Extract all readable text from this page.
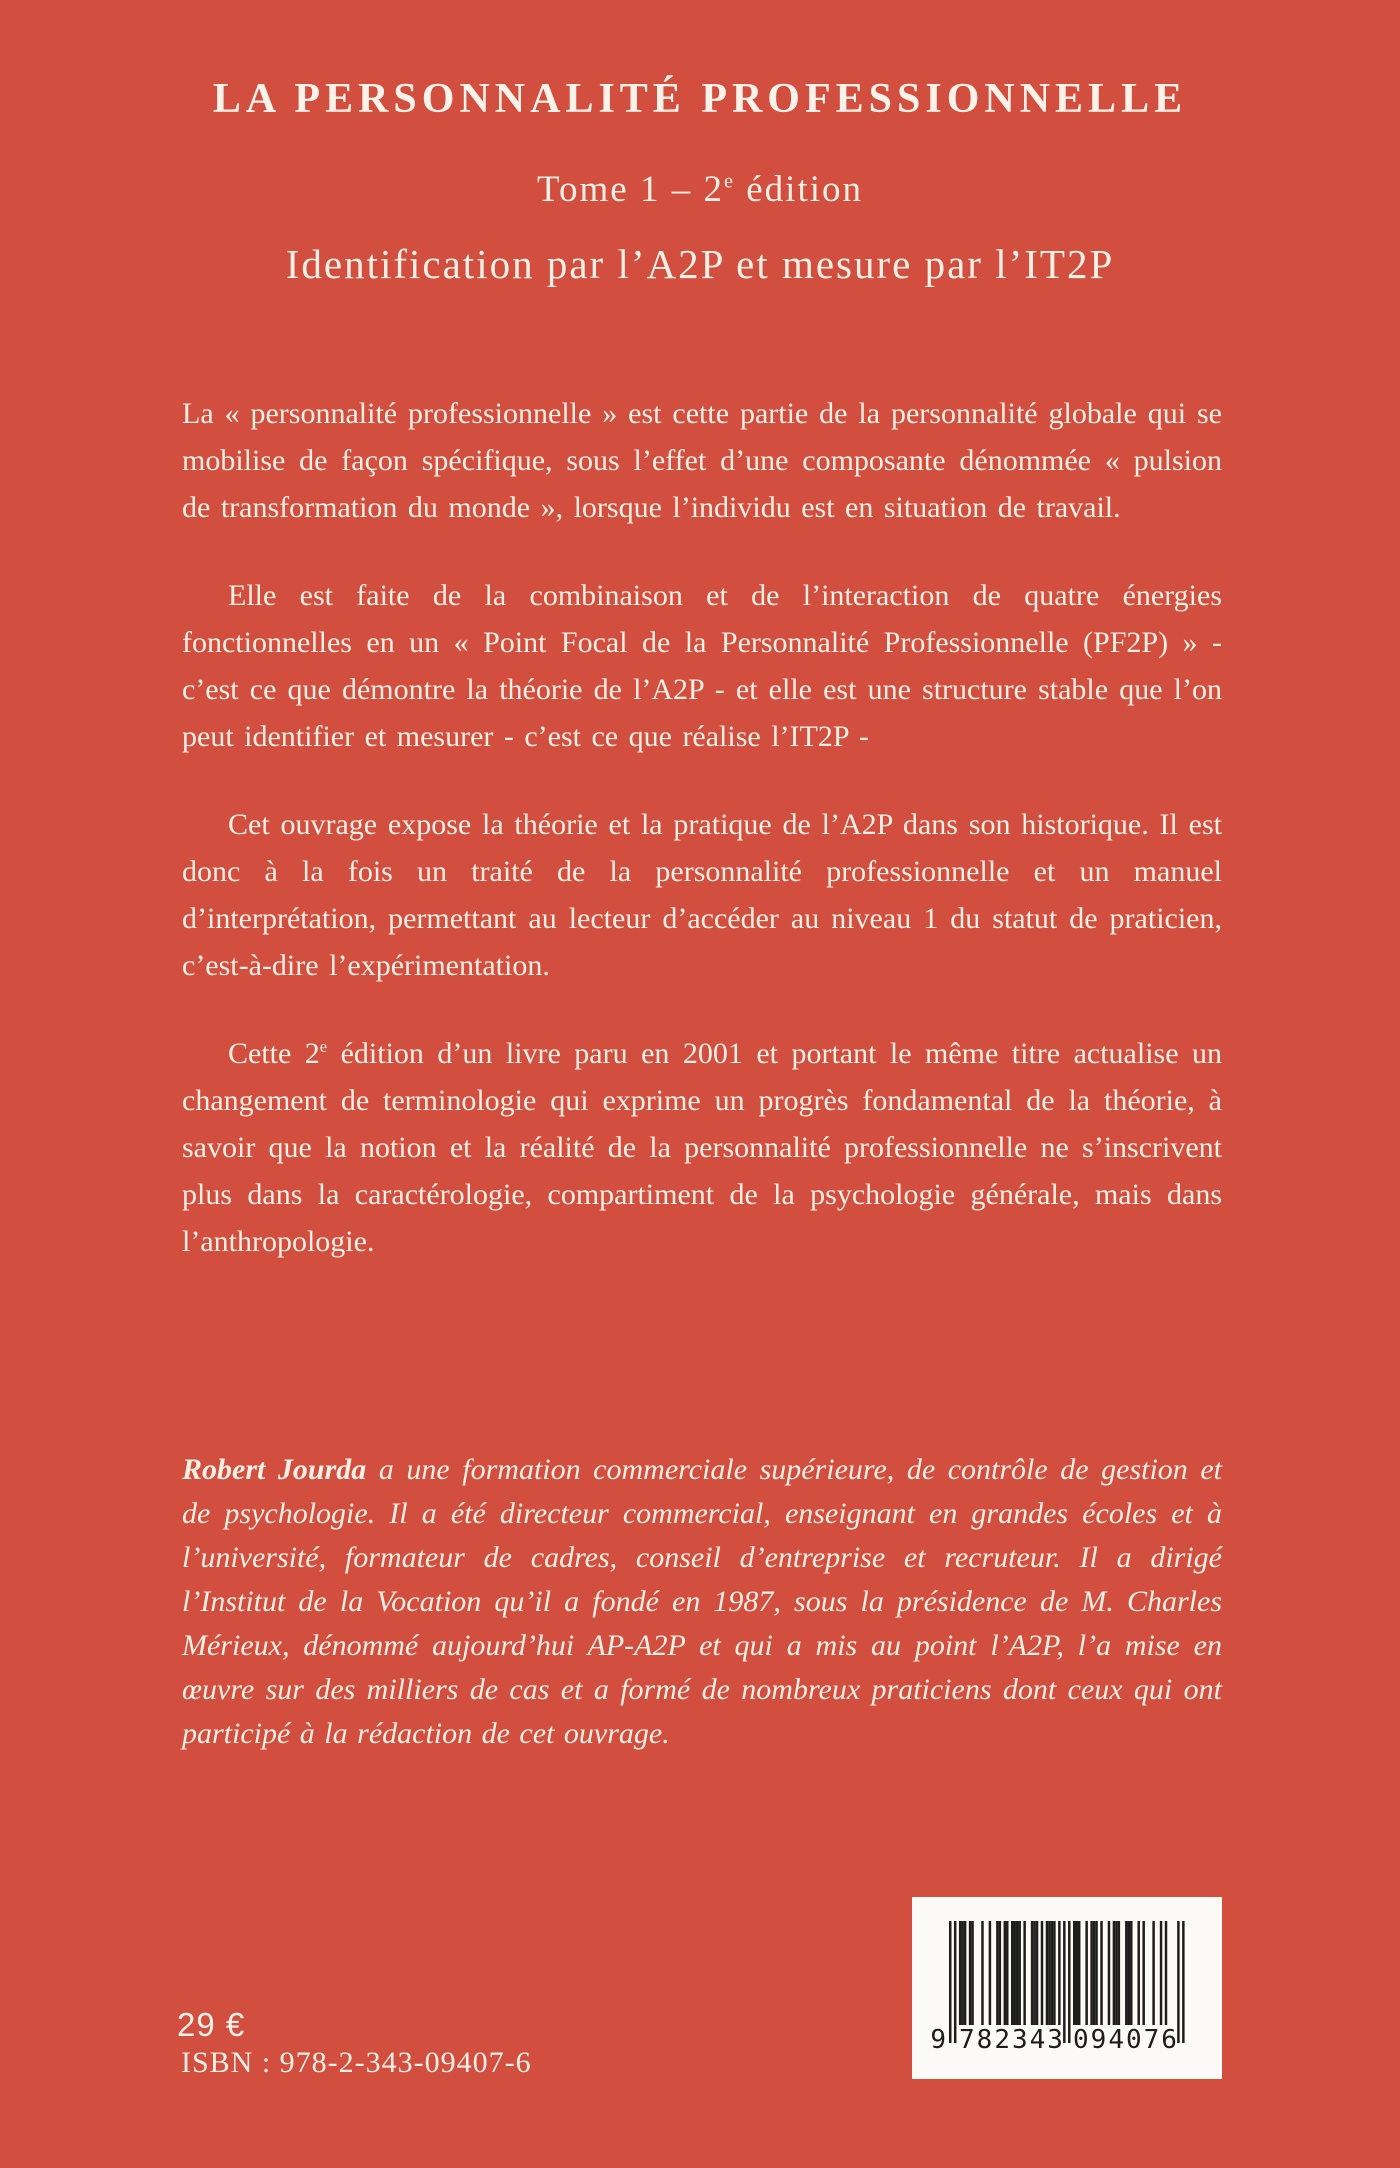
LA PERSONNALITÉ PROFESSIONNELLE
Tome 1 – 2e édition
Identification par l’A2P et mesure par l’IT2P

La « personnalité professionnelle » est cette partie de la personnalité globale qui se mobilise de façon spécifique, sous l’effet d’une composante dénommée « pulsion de transformation du monde », lorsque l’individu est en situation de travail.

Elle est faite de la combinaison et de l’interaction de quatre énergies fonctionnelles en un « Point Focal de la Personnalité Professionnelle (PF2P) » - c’est ce que démontre la théorie de l’A2P - et elle est une structure stable que l’on peut identifier et mesurer - c’est ce que réalise l’IT2P -

Cet ouvrage expose la théorie et la pratique de l’A2P dans son historique. Il est donc à la fois un traité de la personnalité professionnelle et un manuel d’interprétation, permettant au lecteur d’accéder au niveau 1 du statut de praticien, c’est-à-dire l’expérimentation.

Cette 2e édition d’un livre paru en 2001 et portant le même titre actualise un changement de terminologie qui exprime un progrès fondamental de la théorie, à savoir que la notion et la réalité de la personnalité professionnelle ne s’inscrivent plus dans la caractérologie, compartiment de la psychologie générale, mais dans l’anthropologie.

Robert Jourda a une formation commerciale supérieure, de contrôle de gestion et de psychologie. Il a été directeur commercial, enseignant en grandes écoles et à l’université, formateur de cadres, conseil d’entreprise et recruteur. Il a dirigé l’Institut de la Vocation qu’il a fondé en 1987, sous la présidence de M. Charles Mérieux, dénommé aujourd’hui AP-A2P et qui a mis au point l’A2P, l’a mise en œuvre sur des milliers de cas et a formé de nombreux praticiens dont ceux qui ont participé à la rédaction de cet ouvrage.
29 €
ISBN : 978-2-343-09407-6
9 782343 094076
